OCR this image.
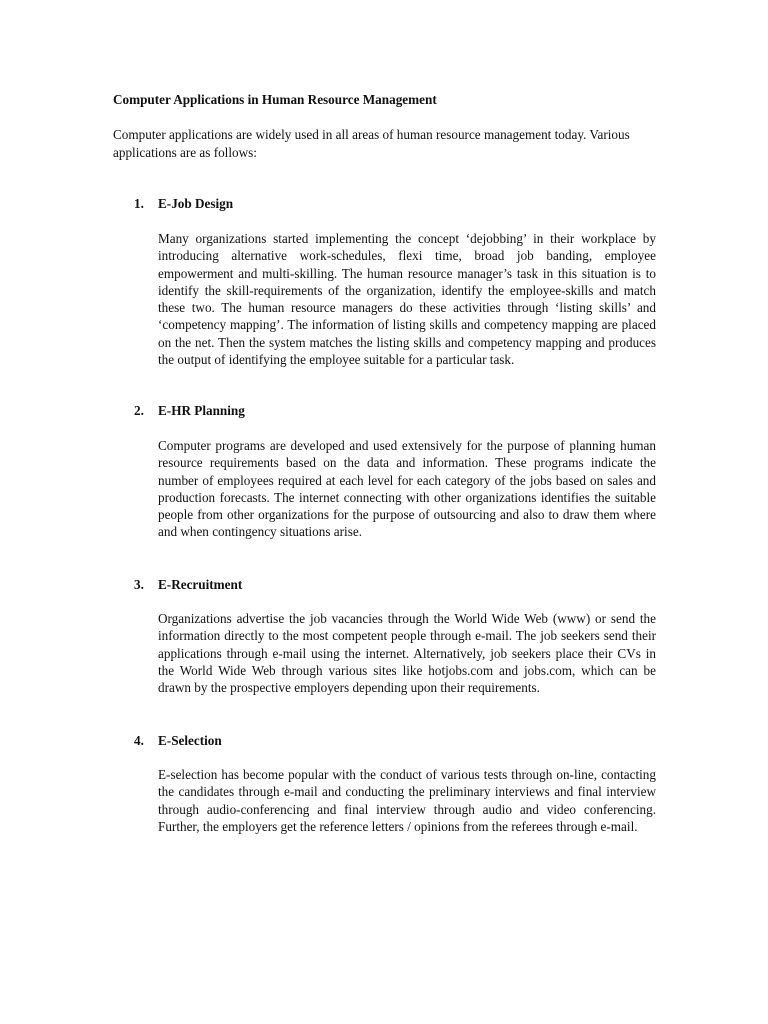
Computer Applications in Human Resource Management

Computer applications are widely used in all areas of human resource management today. Various applications are as follows:

1. E-Job Design

Many organizations started implementing the concept ‘dejobbing’ in their workplace by introducing alternative work-schedules, flexi time, broad job banding, employee empowerment and multi-skilling. The human resource manager’s task in this situation is to identify the skill-requirements of the organization, identify the employee-skills and match these two. The human resource managers do these activities through ‘listing skills’ and ‘competency mapping’. The information of listing skills and competency mapping are placed on the net. Then the system matches the listing skills and competency mapping and produces the output of identifying the employee suitable for a particular task.

2. E-HR Planning

Computer programs are developed and used extensively for the purpose of planning human resource requirements based on the data and information. These programs indicate the number of employees required at each level for each category of the jobs based on sales and production forecasts. The internet connecting with other organizations identifies the suitable people from other organizations for the purpose of outsourcing and also to draw them where and when contingency situations arise.

3. E-Recruitment

Organizations advertise the job vacancies through the World Wide Web (www) or send the information directly to the most competent people through e-mail. The job seekers send their applications through e-mail using the internet. Alternatively, job seekers place their CVs in the World Wide Web through various sites like hotjobs.com and jobs.com, which can be drawn by the prospective employers depending upon their requirements.

4. E-Selection

E-selection has become popular with the conduct of various tests through on-line, contacting the candidates through e-mail and conducting the preliminary interviews and final interview through audio-conferencing and final interview through audio and video conferencing. Further, the employers get the reference letters / opinions from the referees through e-mail.
